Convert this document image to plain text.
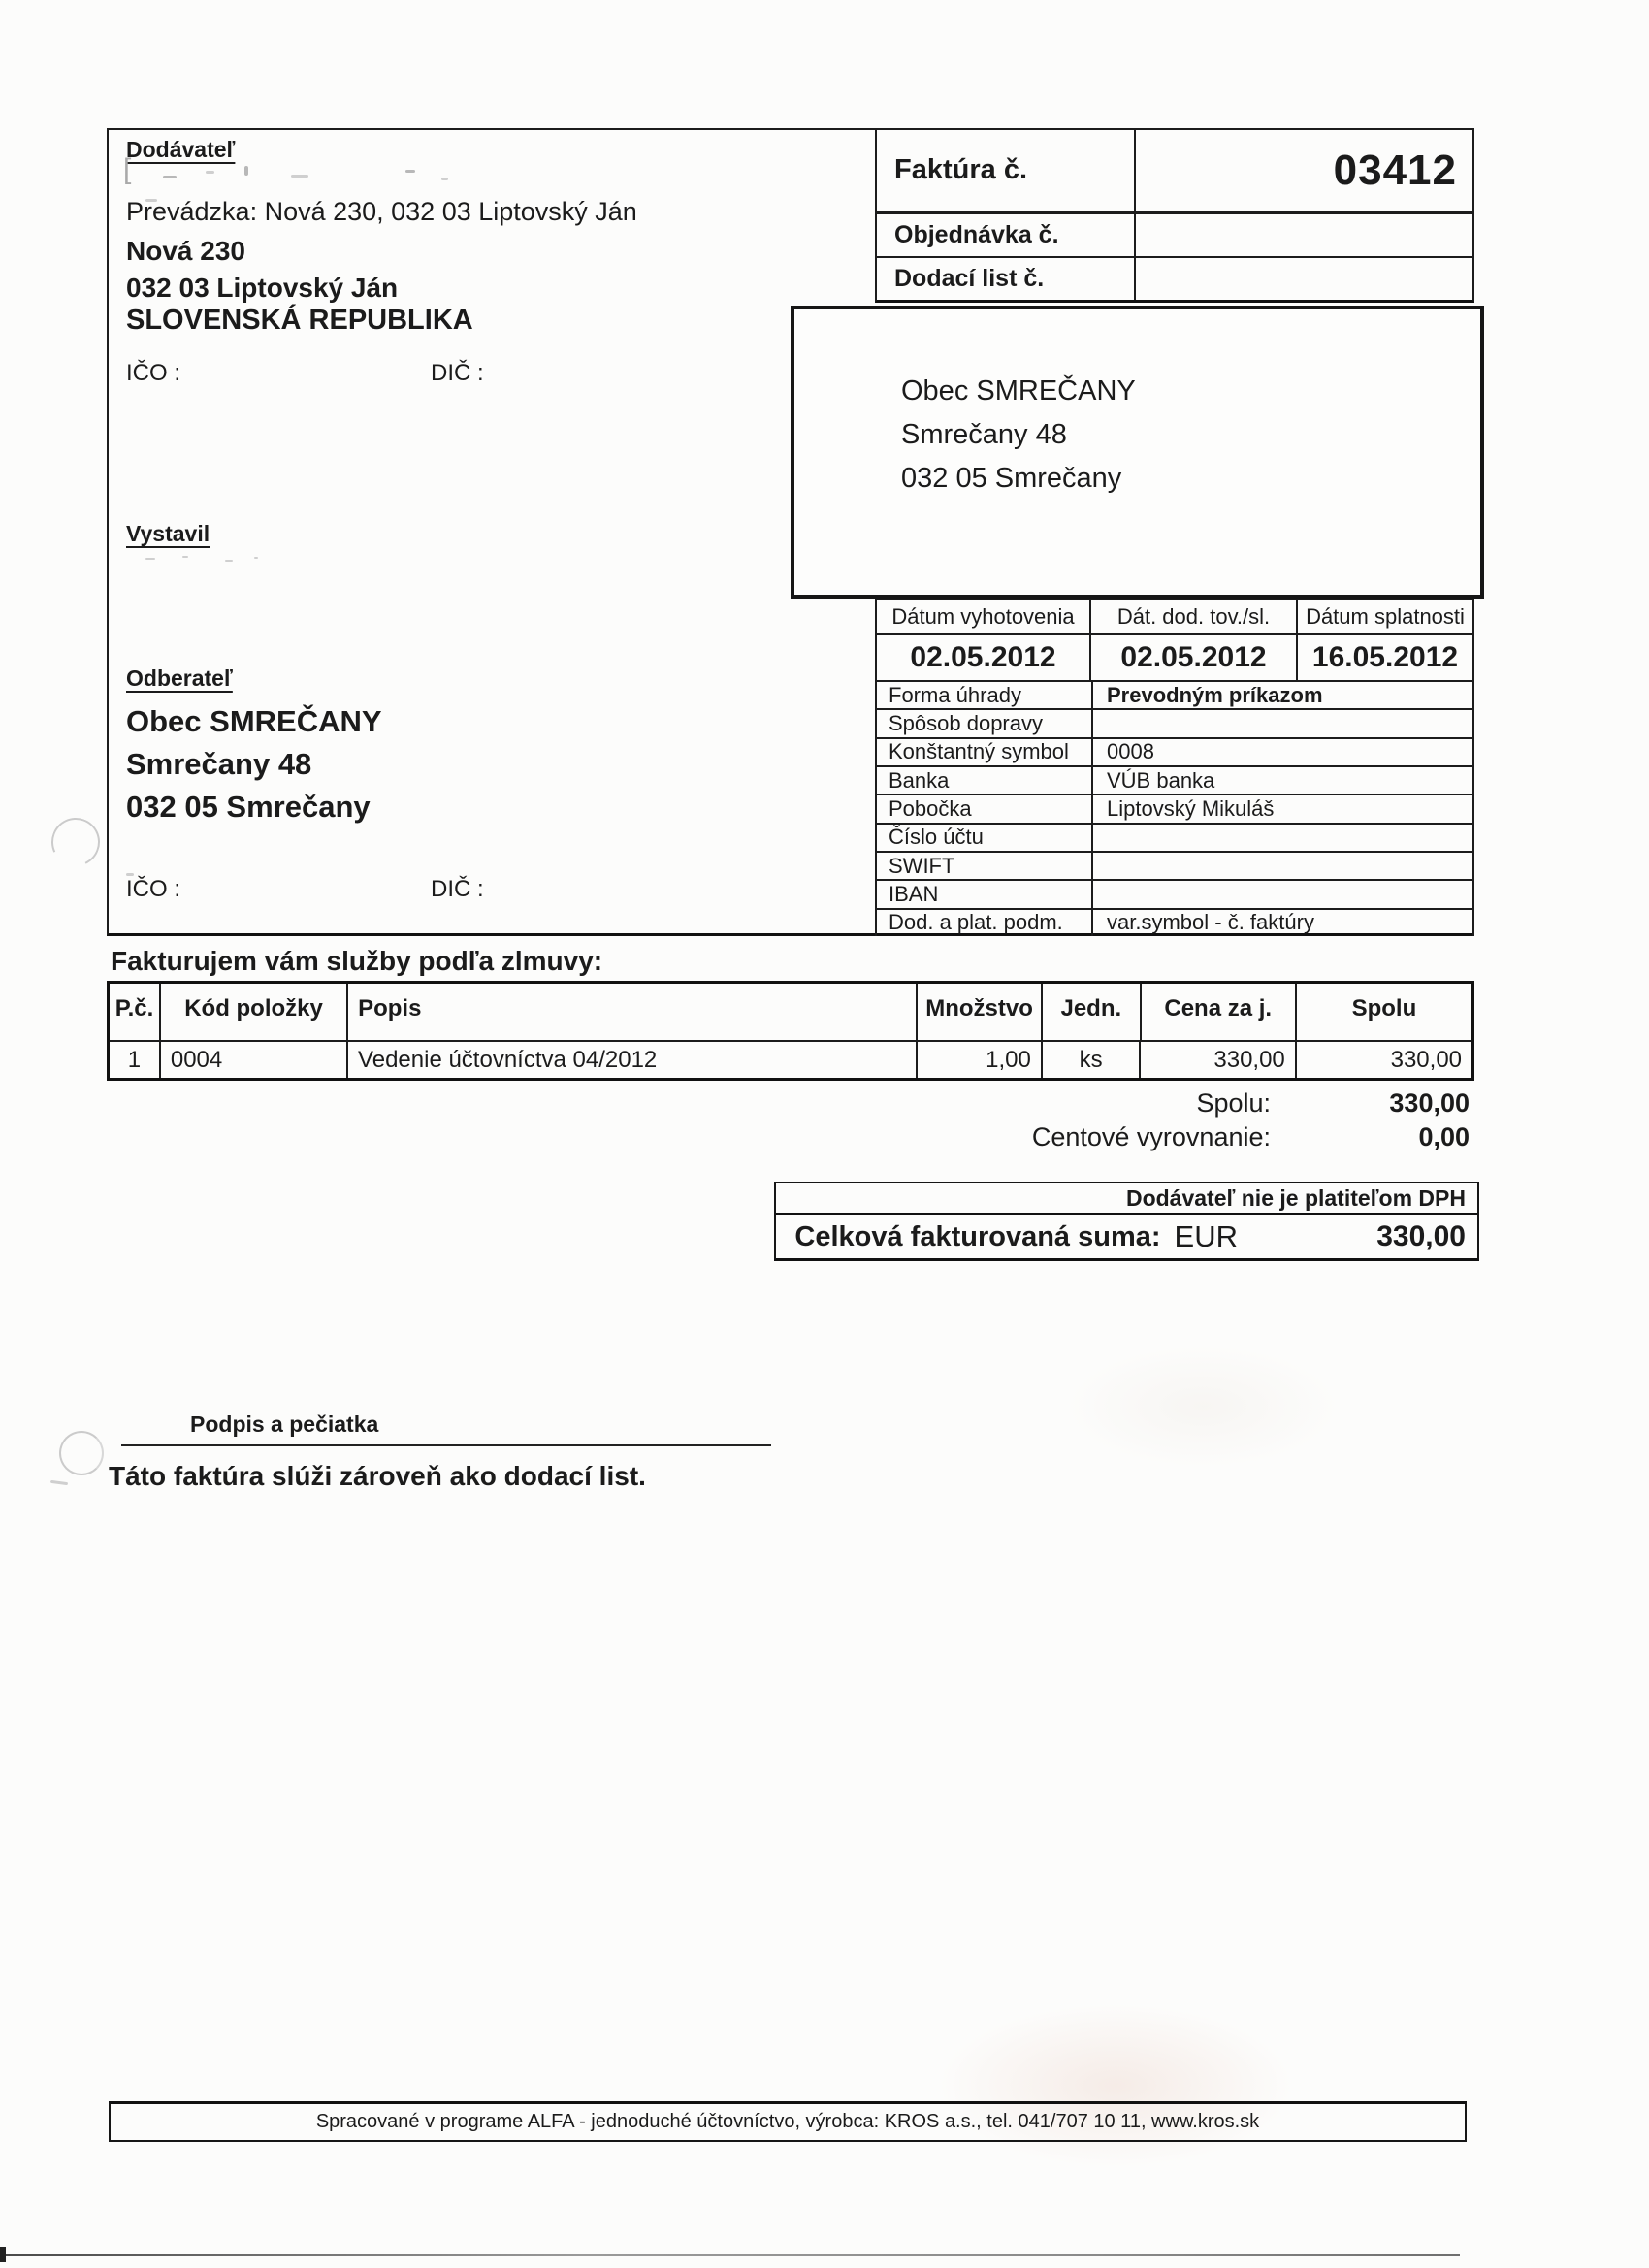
Dodávateľ
[
Prevádzka: Nová 230, 032 03 Liptovský Ján
Nová 230
032 03 Liptovský Ján
SLOVENSKÁ REPUBLIKA
IČO :	DIČ :
Vystavil
Odberateľ
Obec SMREČANY
Smrečany 48
032 05 Smrečany
IČO :	DIČ :
Faktúra č.	03412
Objednávka č.
Dodací list č.
Obec SMREČANY
Smrečany 48
032 05 Smrečany
Dátum vyhotovenia	Dát. dod. tov./sl.	Dátum splatnosti
02.05.2012	02.05.2012	16.05.2012
Forma úhrady	Prevodným príkazom
Spôsob dopravy
Konštantný symbol	0008
Banka	VÚB banka
Pobočka	Liptovský Mikuláš
Číslo účtu
SWIFT
IBAN
Dod. a plat. podm.	var.symbol - č. faktúry
Fakturujem vám služby podľa zlmuvy:
P.č.	Kód položky	Popis	Množstvo	Jedn.	Cena za j.	Spolu
1	0004	Vedenie účtovníctva 04/2012	1,00	ks	330,00	330,00
Spolu:	330,00
Centové vyrovnanie:	0,00
Dodávateľ nie je platiteľom DPH
Celková fakturovaná suma: EUR	330,00
Podpis a pečiatka
Táto faktúra slúži zároveň ako dodací list.
Spracované v programe ALFA - jednoduché účtovníctvo, výrobca: KROS a.s., tel. 041/707 10 11, www.kros.sk
